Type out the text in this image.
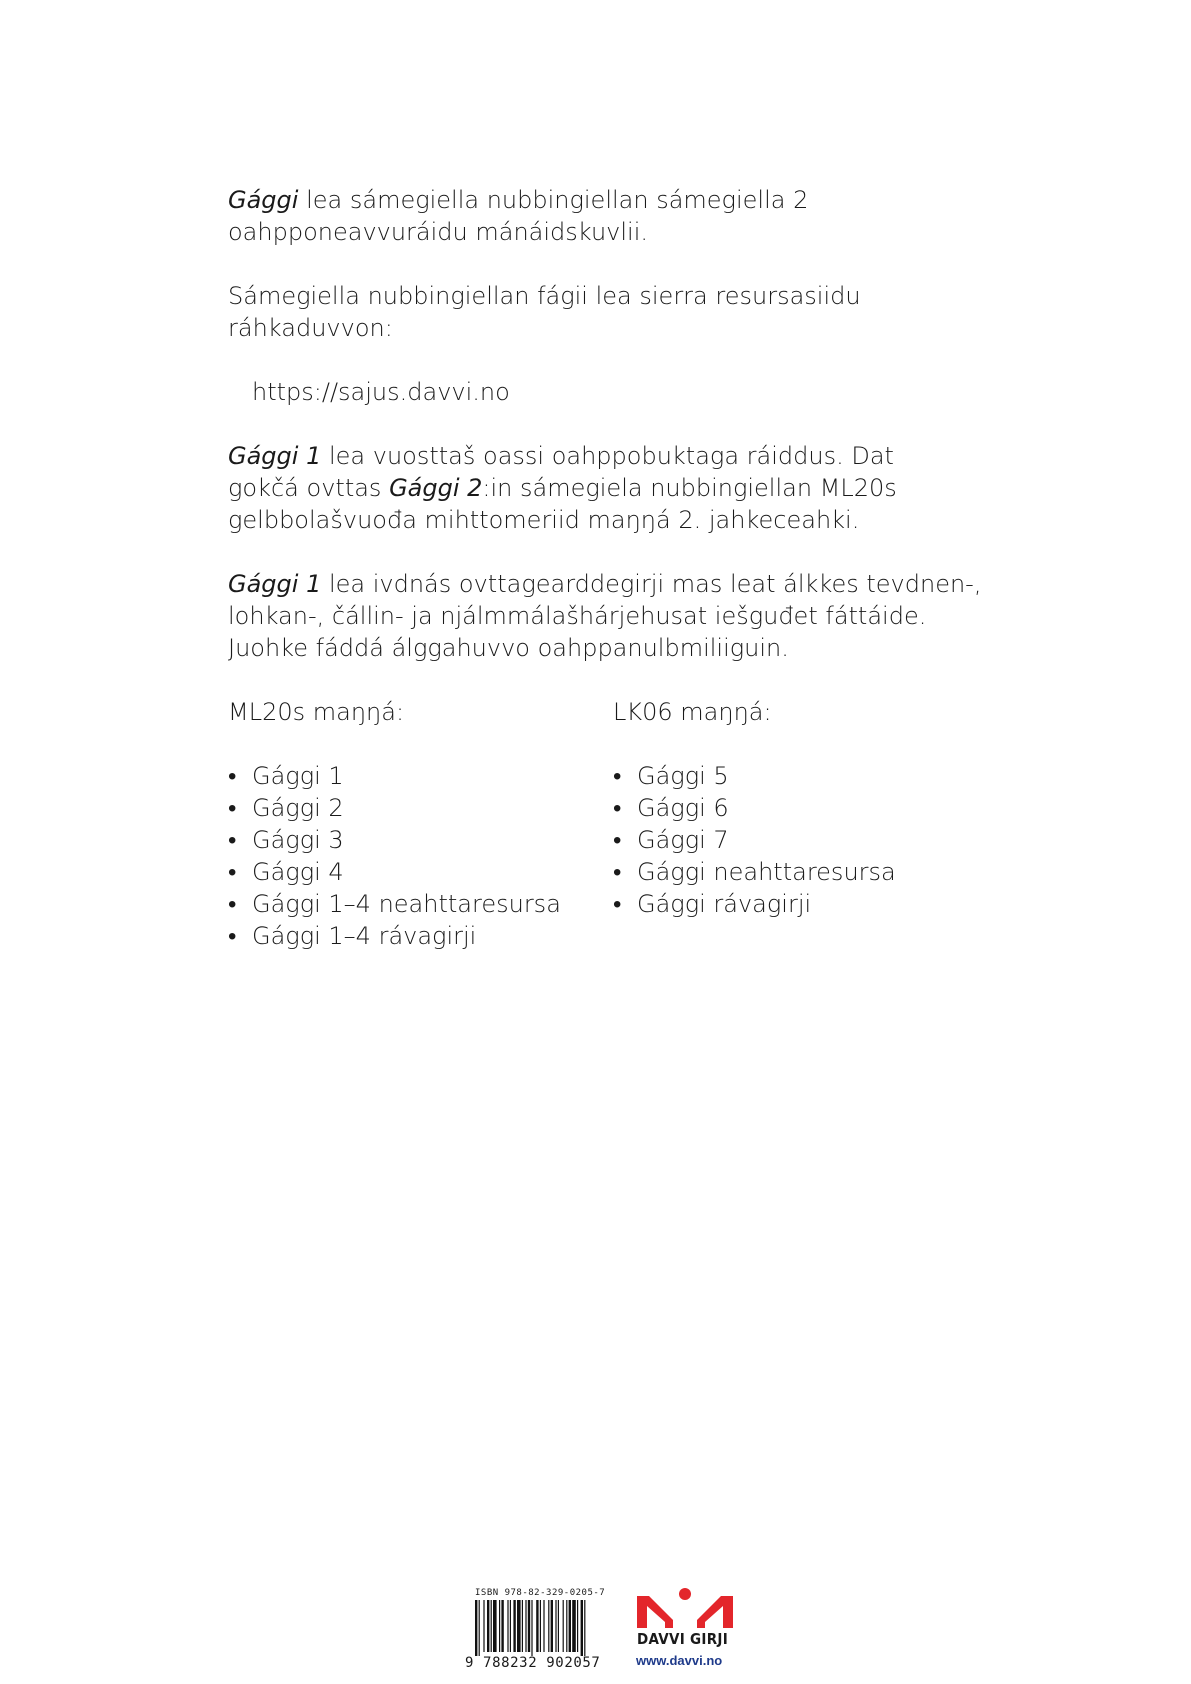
Gággi lea sámegiella nubbingiellan sámegiella 2

oahpponeavvuráidu mánáidskuvlii.

Sámegiella nubbingiellan fágii lea sierra resursasiidu

ráhkaduvvon:

https://sajus.davvi.no

Gággi 1 lea vuosttaš oassi oahppobuktaga ráiddus. Dat

gokčá ovttas Gággi 2:in sámegiela nubbingiellan ML20s

gelbbolašvuođa mihttomeriid maŋŋá 2. jahkeceahki.

Gággi 1 lea ivdnás ovttagearddegirji mas leat álkkes tevdnen-,

lohkan-, čállin- ja njálmmálašhárjehusat iešguđet fáttáide.

Juohke fáddá álggahuvvo oahppanulbmiliiguin.

ML20s maŋŋá:
• Gággi 1
• Gággi 2
• Gággi 3
• Gággi 4
• Gággi 1–4 neahttaresursa
• Gággi 1–4 rávagirji
LK06 maŋŋá:
• Gággi 5
• Gággi 6
• Gággi 7
• Gággi neahttaresursa
• Gággi rávagirji
ISBN 978-82-329-0205-7
9 788232 902057
DAVVI GIRJI
www.davvi.no
